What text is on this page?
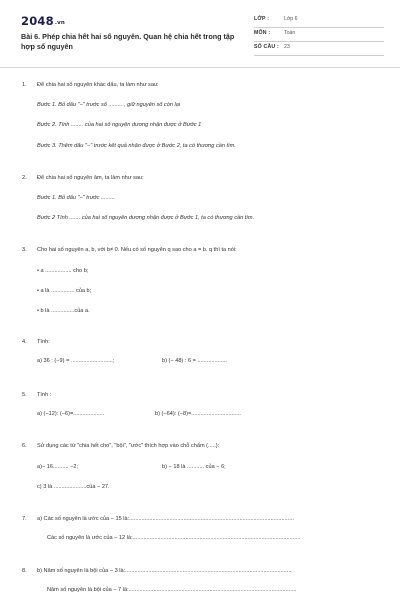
2048.vn
Bài 6. Phép chia hết hai số nguyên. Quan hệ chia hết trong tập hợp số nguyên
LỚP :	Lớp 6
MÔN :	Toán
SỐ CÂU : 23
1. Để chia hai số nguyên khác dấu, ta làm như sau:
Bước 1. Bỏ dấu "−" trước số ......... , giữ nguyên số còn lại
Bước 2. Tính ........ của hai số nguyên dương nhận được ở Bước 1
Bước 3. Thêm dấu "−" trước kết quả nhận được ở Bước 2, ta có thương cần tìm.
2. Để chia hai số nguyên âm, ta làm như sau:
Bước 1. Bỏ dấu "−" trước .........
Bước 2 Tính ....... của hai số nguyên dương nhận được ở Bước 1, ta có thương cần tìm.
3. Cho hai số nguyên a, b, với b≠ 0. Nếu có số nguyên q sao cho a = b. q thì ta nói:
• a ................. cho b;
• a là ............... của b;
• b là ...............của a.
4. Tính:
a) 36 : (−9) = ...........................;	b) (− 48) : 6 = ...................
5. Tính :
a) (−12): (−6)=....................	b) (−64): (−8)=................................
6. Sử dụng các từ "chia hết cho", "bội", "ước" thích hợp vào chỗ chấm (.....):
a)− 16.......... −2;	b) − 18 là ........... của − 6;
c) 3 là .....................của − 27.
7. a) Các số nguyên là ước của − 15 là:..........................................................................................................
Các số nguyên là ước của − 12 là:............................................................................................................
8. b) Năm số nguyên là bội của − 3 là:...........................................................................................................
Năm số nguyên là bội của − 7 là:............................................................................................................
